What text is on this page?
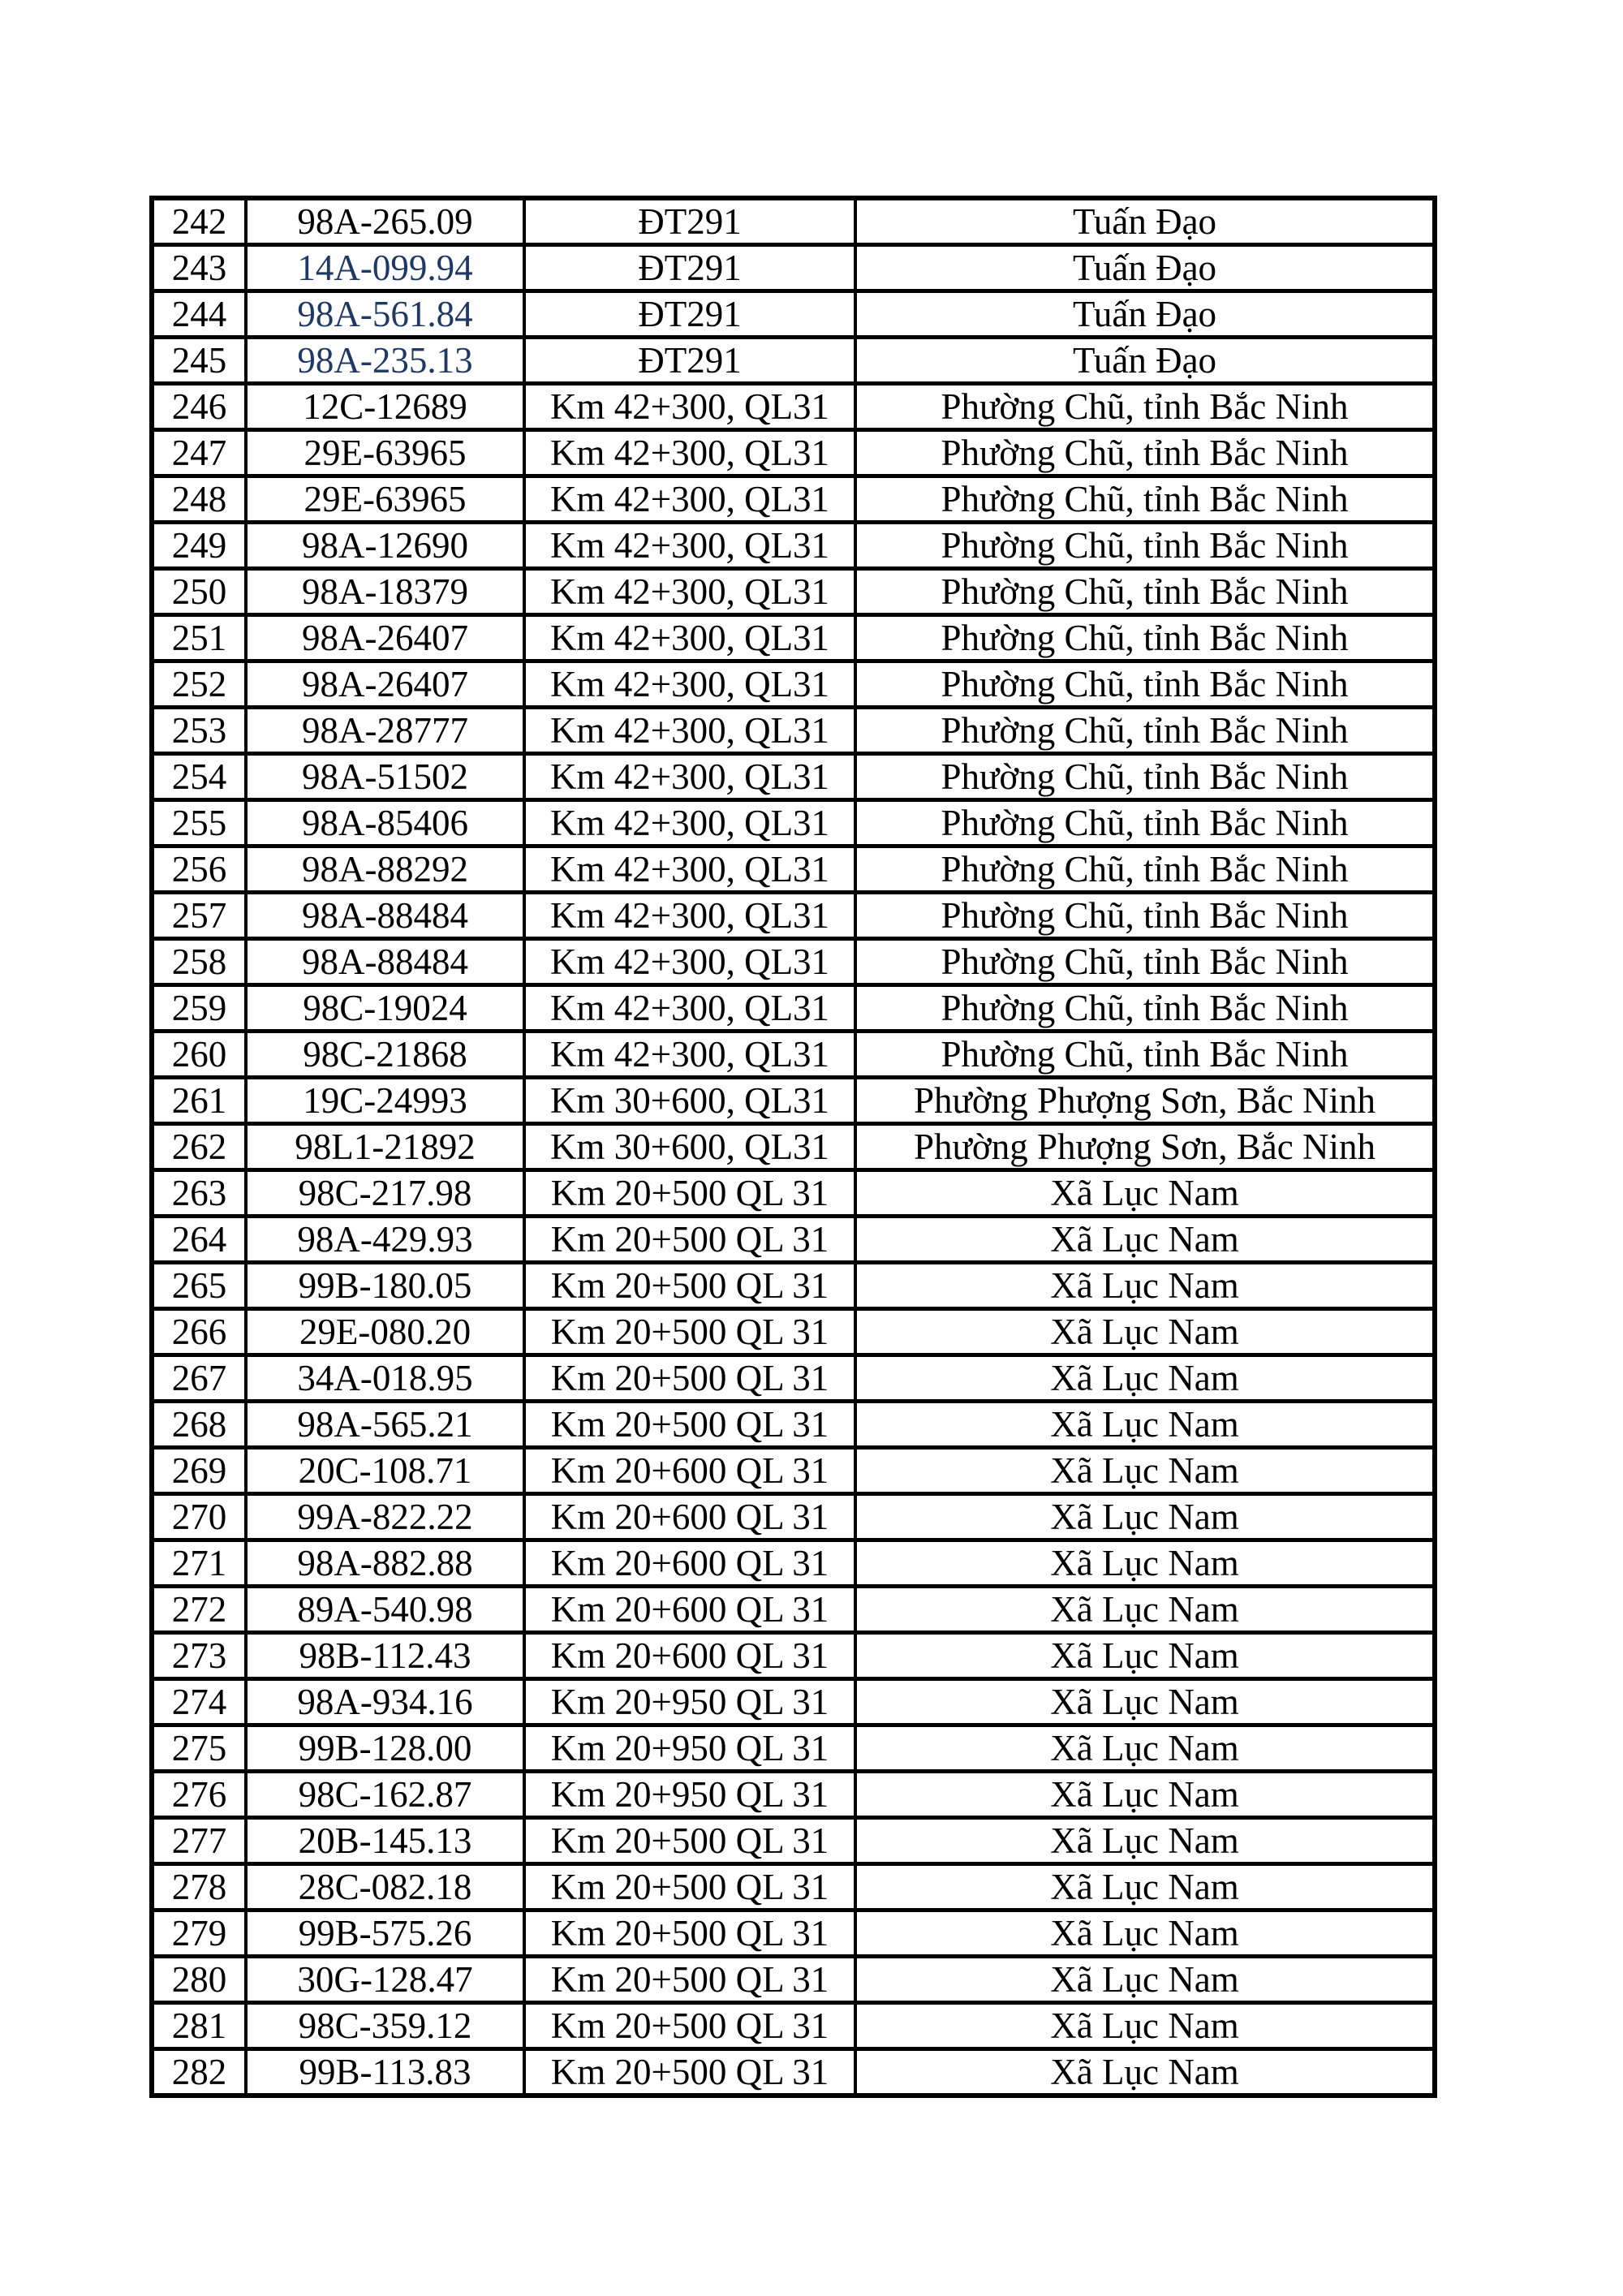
242	98A-265.09	ĐT291	Tuấn Đạo
243	14A-099.94	ĐT291	Tuấn Đạo
244	98A-561.84	ĐT291	Tuấn Đạo
245	98A-235.13	ĐT291	Tuấn Đạo
246	12C-12689	Km 42+300, QL31	Phường Chũ, tỉnh Bắc Ninh
247	29E-63965	Km 42+300, QL31	Phường Chũ, tỉnh Bắc Ninh
248	29E-63965	Km 42+300, QL31	Phường Chũ, tỉnh Bắc Ninh
249	98A-12690	Km 42+300, QL31	Phường Chũ, tỉnh Bắc Ninh
250	98A-18379	Km 42+300, QL31	Phường Chũ, tỉnh Bắc Ninh
251	98A-26407	Km 42+300, QL31	Phường Chũ, tỉnh Bắc Ninh
252	98A-26407	Km 42+300, QL31	Phường Chũ, tỉnh Bắc Ninh
253	98A-28777	Km 42+300, QL31	Phường Chũ, tỉnh Bắc Ninh
254	98A-51502	Km 42+300, QL31	Phường Chũ, tỉnh Bắc Ninh
255	98A-85406	Km 42+300, QL31	Phường Chũ, tỉnh Bắc Ninh
256	98A-88292	Km 42+300, QL31	Phường Chũ, tỉnh Bắc Ninh
257	98A-88484	Km 42+300, QL31	Phường Chũ, tỉnh Bắc Ninh
258	98A-88484	Km 42+300, QL31	Phường Chũ, tỉnh Bắc Ninh
259	98C-19024	Km 42+300, QL31	Phường Chũ, tỉnh Bắc Ninh
260	98C-21868	Km 42+300, QL31	Phường Chũ, tỉnh Bắc Ninh
261	19C-24993	Km 30+600, QL31	Phường Phượng Sơn, Bắc Ninh
262	98L1-21892	Km 30+600, QL31	Phường Phượng Sơn, Bắc Ninh
263	98C-217.98	Km 20+500 QL 31	Xã Lục Nam
264	98A-429.93	Km 20+500 QL 31	Xã Lục Nam
265	99B-180.05	Km 20+500 QL 31	Xã Lục Nam
266	29E-080.20	Km 20+500 QL 31	Xã Lục Nam
267	34A-018.95	Km 20+500 QL 31	Xã Lục Nam
268	98A-565.21	Km 20+500 QL 31	Xã Lục Nam
269	20C-108.71	Km 20+600 QL 31	Xã Lục Nam
270	99A-822.22	Km 20+600 QL 31	Xã Lục Nam
271	98A-882.88	Km 20+600 QL 31	Xã Lục Nam
272	89A-540.98	Km 20+600 QL 31	Xã Lục Nam
273	98B-112.43	Km 20+600 QL 31	Xã Lục Nam
274	98A-934.16	Km 20+950 QL 31	Xã Lục Nam
275	99B-128.00	Km 20+950 QL 31	Xã Lục Nam
276	98C-162.87	Km 20+950 QL 31	Xã Lục Nam
277	20B-145.13	Km 20+500 QL 31	Xã Lục Nam
278	28C-082.18	Km 20+500 QL 31	Xã Lục Nam
279	99B-575.26	Km 20+500 QL 31	Xã Lục Nam
280	30G-128.47	Km 20+500 QL 31	Xã Lục Nam
281	98C-359.12	Km 20+500 QL 31	Xã Lục Nam
282	99B-113.83	Km 20+500 QL 31	Xã Lục Nam
